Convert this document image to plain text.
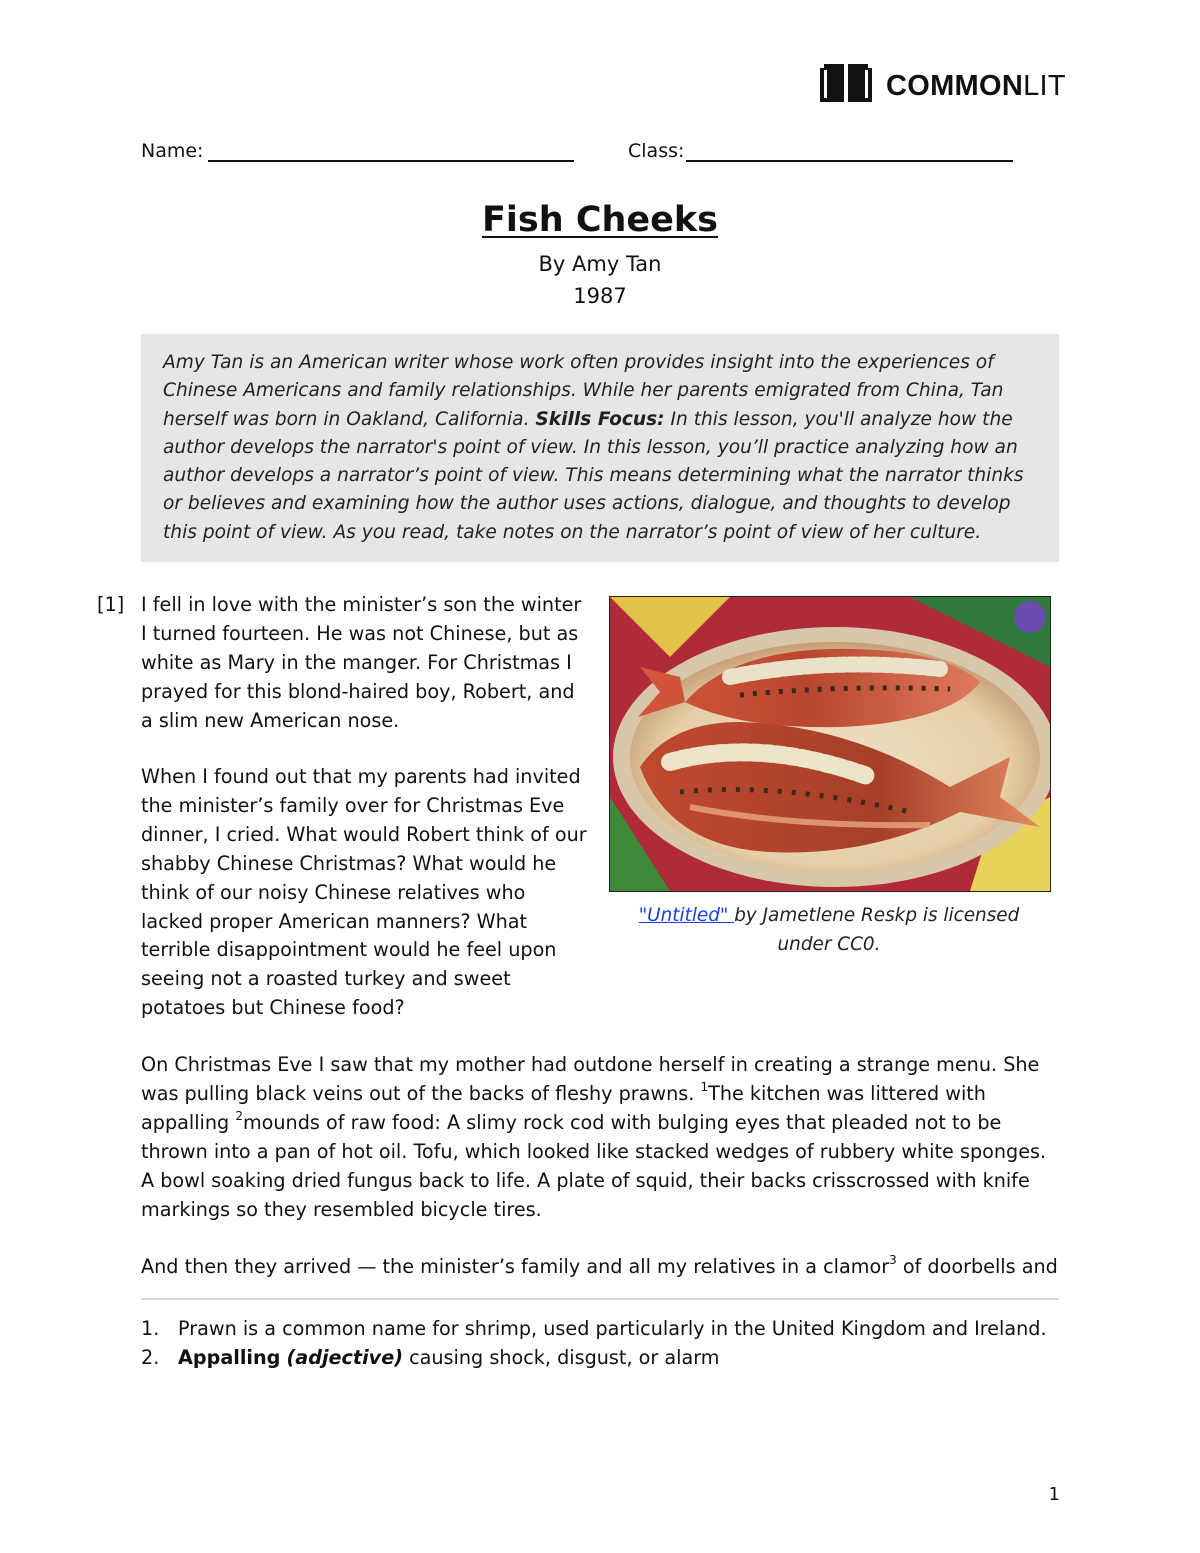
COMMONLIT
Name:	Class:
Fish Cheeks
By Amy Tan
1987
Amy Tan is an American writer whose work often provides insight into the experiences of Chinese Americans and family relationships. While her parents emigrated from China, Tan herself was born in Oakland, California. Skills Focus: In this lesson, you'll analyze how the author develops the narrator's point of view. In this lesson, you’ll practice analyzing how an author develops a narrator’s point of view. This means determining what the narrator thinks or believes and examining how the author uses actions, dialogue, and thoughts to develop this point of view. As you read, take notes on the narrator’s point of view of her culture.
[1] I fell in love with the minister’s son the winter I turned fourteen. He was not Chinese, but as white as Mary in the manger. For Christmas I prayed for this blond-haired boy, Robert, and a slim new American nose.
When I found out that my parents had invited the minister’s family over for Christmas Eve dinner, I cried. What would Robert think of our shabby Chinese Christmas? What would he think of our noisy Chinese relatives who lacked proper American manners? What terrible disappointment would he feel upon seeing not a roasted turkey and sweet potatoes but Chinese food?
"Untitled" by Jametlene Reskp is licensed under CC0.
On Christmas Eve I saw that my mother had outdone herself in creating a strange menu. She was pulling black veins out of the backs of fleshy prawns. $^1$The kitchen was littered with appalling $^2$mounds of raw food: A slimy rock cod with bulging eyes that pleaded not to be thrown into a pan of hot oil. Tofu, which looked like stacked wedges of rubbery white sponges. A bowl soaking dried fungus back to life. A plate of squid, their backs crisscrossed with knife markings so they resembled bicycle tires.
And then they arrived — the minister’s family and all my relatives in a clamor$^3$ of doorbells and
1. Prawn is a common name for shrimp, used particularly in the United Kingdom and Ireland.
2. Appalling (adjective) causing shock, disgust, or alarm
1
